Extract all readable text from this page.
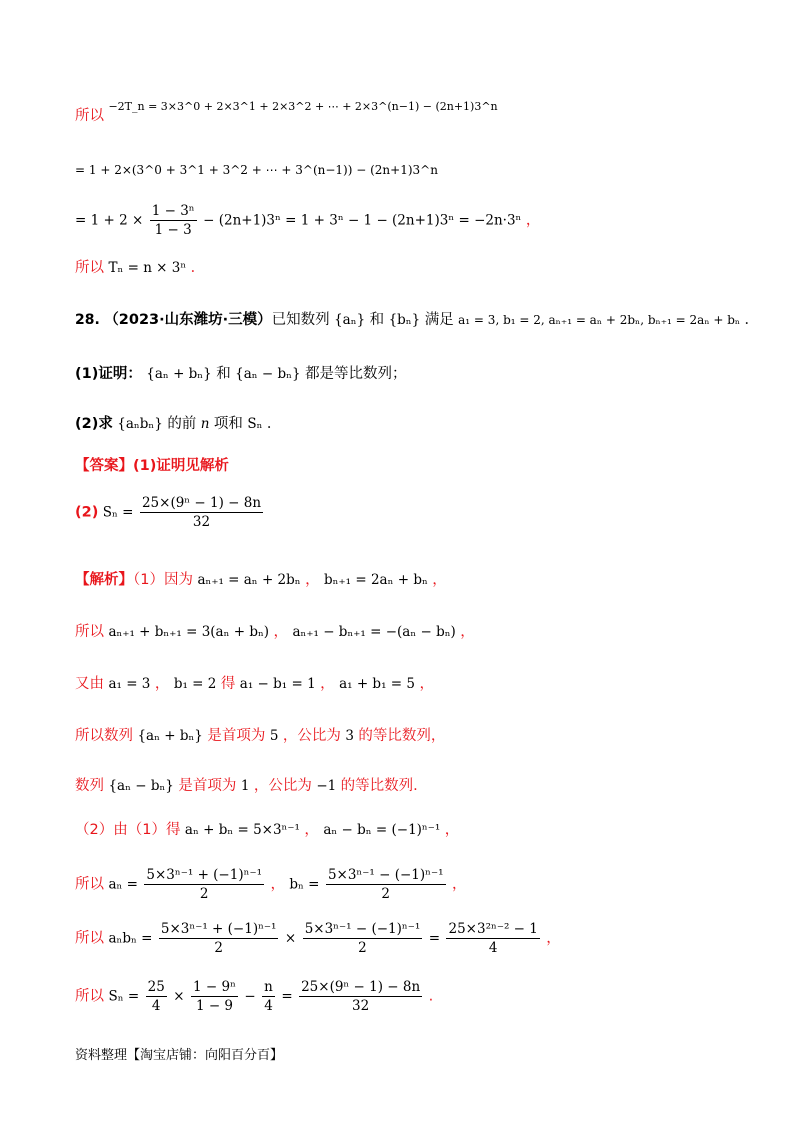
所以 −2T_n = 3×3^0 + 2×3^1 + 2×3^2 + ⋯ + 2×3^(n−1) − (2n+1)3^n
= 1 + 2×(3^0 + 3^1 + 3^2 + ⋯ + 3^(n−1)) − (2n+1)3^n
= $1 + 2 \times \frac{\text{1 − 3ⁿ}}{1 - 3} - (2n+1)3^n = 1 + 3^n - 1 - (2n+1)3^n = -2n\cdot 3^n$ ，
所以 Tₙ = n × 3ⁿ ．
28. （2023·山东潍坊·三模）已知数列 {aₙ} 和 {bₙ} 满足 a₁ = 3, b₁ = 2, aₙ₊₁ = aₙ + 2bₙ, bₙ₊₁ = 2aₙ + bₙ ．
(1)证明： {aₙ + bₙ} 和 {aₙ − bₙ} 都是等比数列；
(2)求 {aₙbₙ} 的前 n 项和 Sₙ ．
【答案】(1)证明见解析
(2) $S_n = \frac{\text{25×(9ⁿ − 1) − 8n}}{32}$
【解析】（1）因为 aₙ₊₁ = aₙ + 2bₙ ， bₙ₊₁ = 2aₙ + bₙ ，
所以 aₙ₊₁ + bₙ₊₁ = 3(aₙ + bₙ) ， aₙ₊₁ − bₙ₊₁ = −(aₙ − bₙ) ，
又由 a₁ = 3 ， b₁ = 2 得 a₁ − b₁ = 1 ， a₁ + b₁ = 5 ，
所以数列 {aₙ + bₙ} 是首项为 5 ，公比为 3 的等比数列，
数列 {aₙ − bₙ} 是首项为 1 ，公比为 −1 的等比数列.
（2）由（1）得 aₙ + bₙ = 5×3ⁿ⁻¹ ， aₙ − bₙ = (−1)ⁿ⁻¹ ，
所以 $a_n = \frac{\text{5×3ⁿ⁻¹ + (−1)ⁿ⁻¹}}{2}$ ， $b_n = \frac{\text{5×3ⁿ⁻¹ − (−1)ⁿ⁻¹}}{2}$ ，
所以 $a_nb_n = \frac{\text{5×3ⁿ⁻¹ + (−1)ⁿ⁻¹}}{2} \times \frac{\text{5×3ⁿ⁻¹ − (−1)ⁿ⁻¹}}{2} = \frac{\text{25×3²ⁿ⁻² − 1}}{4}$ ，
所以 $S_n = \frac{25}{4} \times \frac{\text{1 − 9ⁿ}}{1 - 9} - \frac{n}{4} = \frac{\text{25×(9ⁿ − 1) − 8n}}{32}$ .
资料整理【淘宝店铺：向阳百分百】
